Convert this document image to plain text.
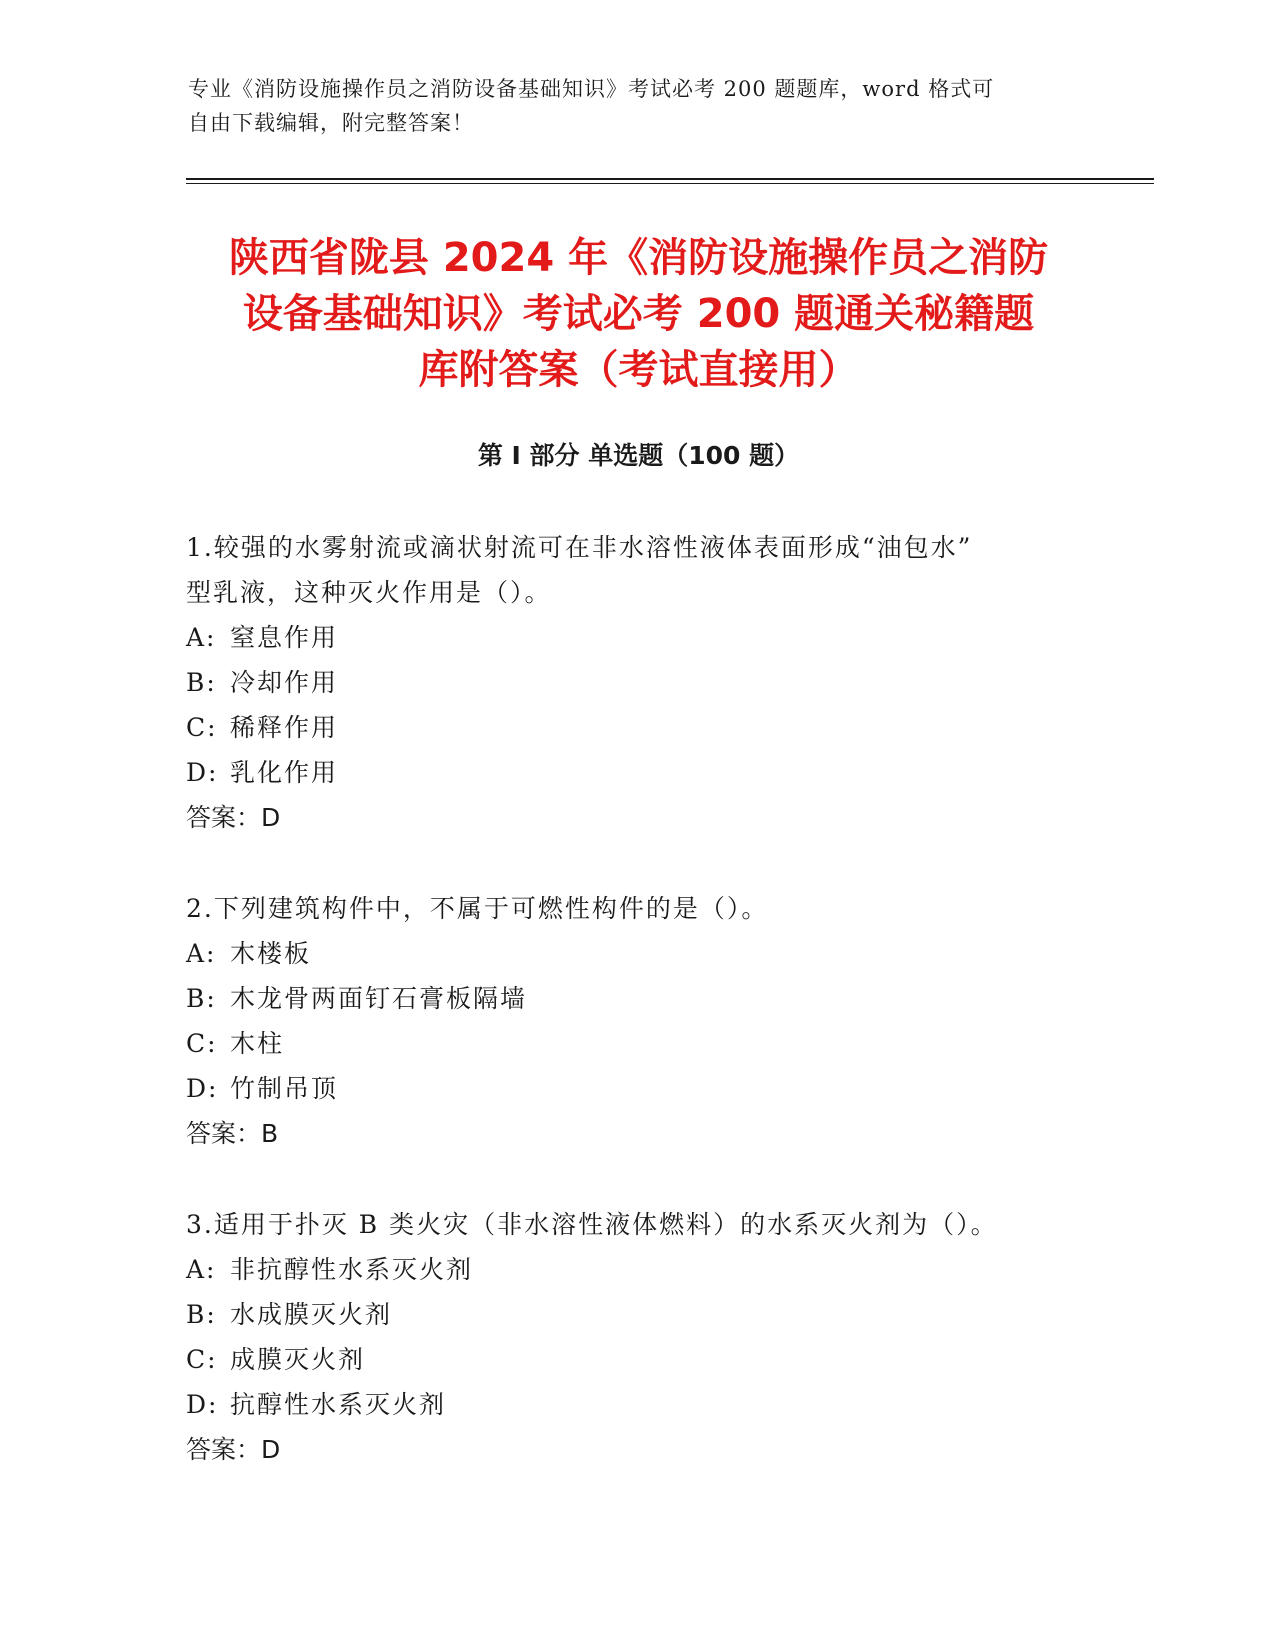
专业《消防设施操作员之消防设备基础知识》考试必考 200 题题库，word 格式可
自由下载编辑，附完整答案！
陕西省陇县 2024 年《消防设施操作员之消防
设备基础知识》考试必考 200 题通关秘籍题
库附答案（考试直接用）
第 I 部分 单选题（100 题）
1.较强的水雾射流或滴状射流可在非水溶性液体表面形成“油包水”
型乳液，这种灭火作用是（）。
A: 窒息作用
B: 冷却作用
C: 稀释作用
D: 乳化作用
答案：D
2.下列建筑构件中，不属于可燃性构件的是（）。
A: 木楼板
B: 木龙骨两面钉石膏板隔墙
C: 木柱
D: 竹制吊顶
答案：B
3.适用于扑灭 B 类火灾（非水溶性液体燃料）的水系灭火剂为（）。
A: 非抗醇性水系灭火剂
B: 水成膜灭火剂
C: 成膜灭火剂
D: 抗醇性水系灭火剂
答案：D
